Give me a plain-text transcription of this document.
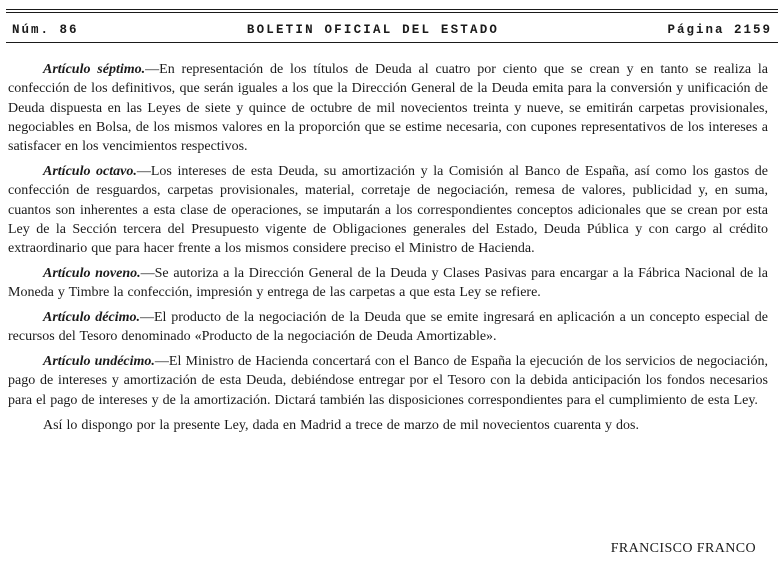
Núm. 86	BOLETIN OFICIAL DEL ESTADO	Página 2159

Artículo séptimo.—En representación de los títulos de Deuda al cuatro por ciento que se crean y en tanto se realiza la confección de los definitivos, que serán iguales a los que la Dirección General de la Deuda emita para la conversión y unificación de Deuda dispuesta en las Leyes de siete y quince de octubre de mil novecientos treinta y nueve, se emitirán carpetas provisionales, negociables en Bolsa, de los mismos valores en la proporción que se estime necesaria, con cupones representativos de los intereses a satisfacer en los vencimientos respectivos.

Artículo octavo.—Los intereses de esta Deuda, su amortización y la Comisión al Banco de España, así como los gastos de confección de resguardos, carpetas provisionales, material, corretaje de negociación, remesa de valores, publicidad y, en suma, cuantos son inherentes a esta clase de operaciones, se imputarán a los correspondientes conceptos adicionales que se crean por esta Ley de la Sección tercera del Presupuesto vigente de Obligaciones generales del Estado, Deuda Pública y con cargo al crédito extraordinario que para hacer frente a los mismos considere preciso el Ministro de Hacienda.

Artículo noveno.—Se autoriza a la Dirección General de la Deuda y Clases Pasivas para encargar a la Fábrica Nacional de la Moneda y Timbre la confección, impresión y entrega de las carpetas a que esta Ley se refiere.

Artículo décimo.—El producto de la negociación de la Deuda que se emite ingresará en aplicación a un concepto especial de recursos del Tesoro denominado «Producto de la negociación de Deuda Amortizable».

Artículo undécimo.—El Ministro de Hacienda concertará con el Banco de España la ejecución de los servicios de negociación, pago de intereses y amortización de esta Deuda, debiéndose entregar por el Tesoro con la debida anticipación los fondos necesarios para el pago de intereses y de la amortización. Dictará también las disposiciones correspondientes para el cumplimiento de esta Ley.

Así lo dispongo por la presente Ley, dada en Madrid a trece de marzo de mil novecientos cuarenta y dos.

FRANCISCO FRANCO
